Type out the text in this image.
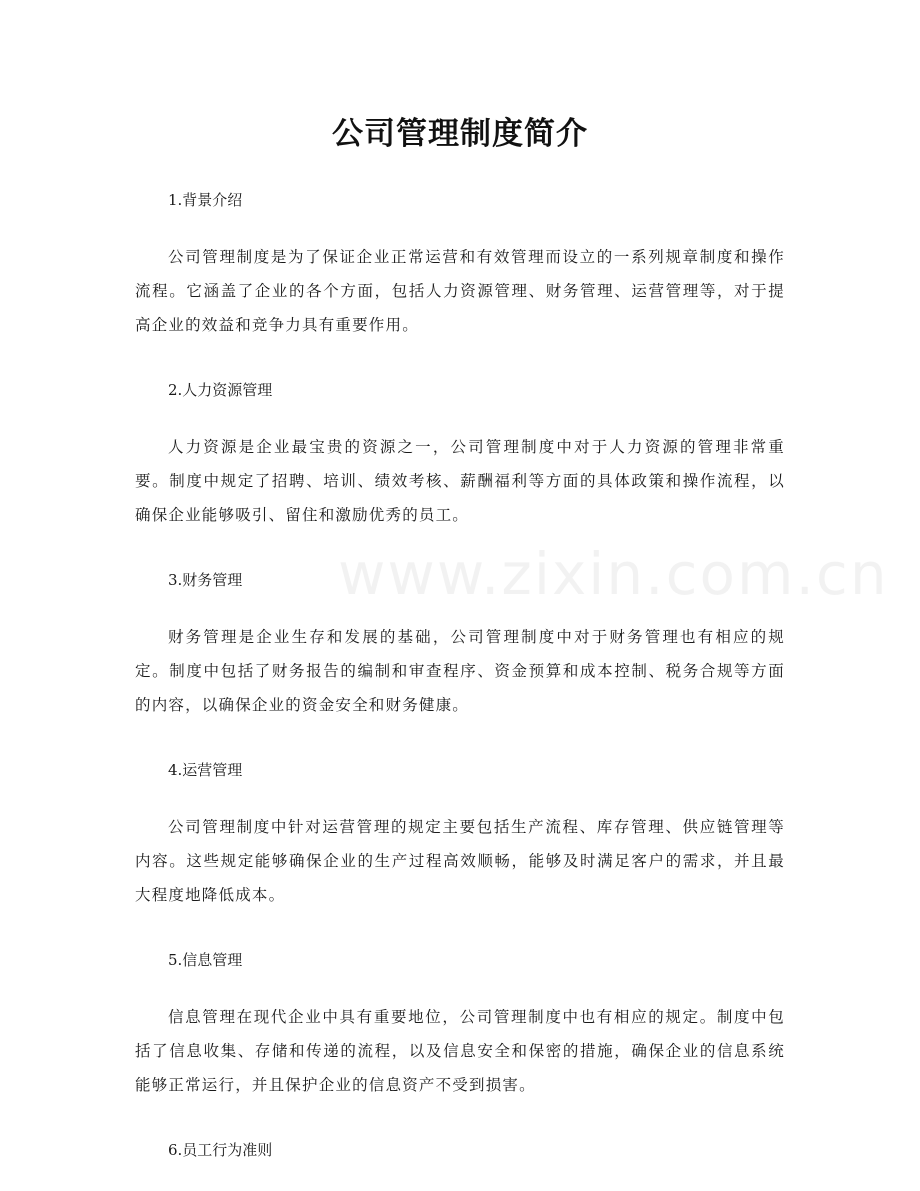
www.zixin.com.cn
公司管理制度简介

1.背景介绍

公司管理制度是为了保证企业正常运营和有效管理而设立的一系列规章制度和操作流程。它涵盖了企业的各个方面，包括人力资源管理、财务管理、运营管理等，对于提高企业的效益和竞争力具有重要作用。

2.人力资源管理

人力资源是企业最宝贵的资源之一，公司管理制度中对于人力资源的管理非常重要。制度中规定了招聘、培训、绩效考核、薪酬福利等方面的具体政策和操作流程，以确保企业能够吸引、留住和激励优秀的员工。

3.财务管理

财务管理是企业生存和发展的基础，公司管理制度中对于财务管理也有相应的规定。制度中包括了财务报告的编制和审查程序、资金预算和成本控制、税务合规等方面的内容，以确保企业的资金安全和财务健康。

4.运营管理

公司管理制度中针对运营管理的规定主要包括生产流程、库存管理、供应链管理等内容。这些规定能够确保企业的生产过程高效顺畅，能够及时满足客户的需求，并且最大程度地降低成本。

5.信息管理

信息管理在现代企业中具有重要地位，公司管理制度中也有相应的规定。制度中包括了信息收集、存储和传递的流程，以及信息安全和保密的措施，确保企业的信息系统能够正常运行，并且保护企业的信息资产不受到损害。

6.员工行为准则
